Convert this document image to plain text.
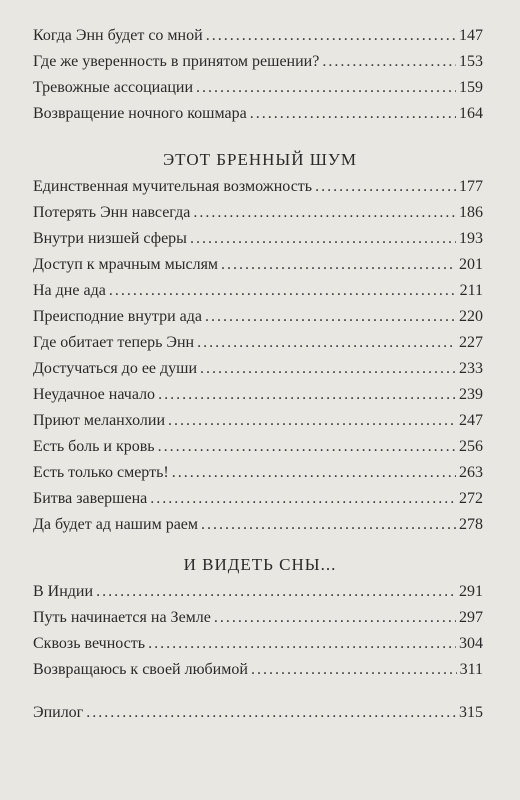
Когда Энн будет со мной . . .	147
Где же уверенность в принятом решении? . . .	153
Тревожные ассоциации . . .	159
Возвращение ночного кошмара . . .	164
ЭТОТ БРЕННЫЙ ШУМ
Единственная мучительная возможность . . .	177
Потерять Энн навсегда . . .	186
Внутри низшей сферы . . .	193
Доступ к мрачным мыслям . . .	201
На дне ада . . .	211
Преисподние внутри ада . . .	220
Где обитает теперь Энн . . .	227
Достучаться до ее души . . .	233
Неудачное начало . . .	239
Приют меланхолии . . .	247
Есть боль и кровь . . .	256
Есть только смерть! . . .	263
Битва завершена . . .	272
Да будет ад нашим раем . . .	278
И ВИДЕТЬ СНЫ...
В Индии . . .	291
Путь начинается на Земле . . .	297
Сквозь вечность . . .	304
Возвращаюсь к своей любимой . . .	311
Эпилог . . .	315
